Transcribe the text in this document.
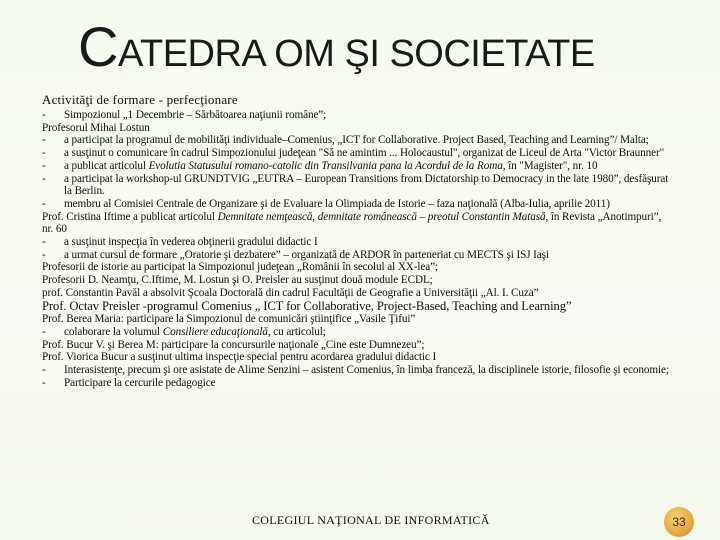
CATEDRA OM ŞI SOCIETATE
Activităţi de formare - perfecţionare
-	Simpozionul „1 Decembrie – Sărbătoarea naţiunii române”;
Profesorul Mihai Lostun
-	a participat la programul de mobilităţi individuale–Comenius, „ICT for Collaborative. Project Based, Teaching and Learning”/ Malta;
-	a susţinut o comunicare în cadrul Simpozionului judeţean "Să ne amintim ... Holocaustul", organizat de Liceul de Arta "Victor Braunner"
-	a publicat articolul Evolutia Statusului romano-catolic din Transilvania pana la Acordul de la Roma, în "Magister", nr. 10
-	a participat la workshop-ul GRUNDTVIG „EUTRA – European Transitions from Dictatorship to Democracy in the late 1980”, desfăşurat la Berlin.
-	membru al Comisiei Centrale de Organizare şi de Evaluare la Olimpiada de Istorie – faza naţională (Alba-Iulia, aprilie 2011)
Prof. Cristina Iftime a publicat articolul Demnitate nemţească, demnitate românească – preotul Constantin Matasă, în Revista „Anotimpuri”, nr. 60
-	a susţinut inspecţia în vederea obţinerii gradului didactic I
-	a urmat cursul de formare „Oratorie şi dezbatere” – organizată de ARDOR în parteneriat cu MECTS şi ISJ Iaşi
Profesorii de istorie au participat la Simpozionul judeţean „Românii în secolul al XX-lea”;
Profesorii D. Neamţu, C.Iftime, M. Lostun şi O. Preisler au susţinut două module ECDL;
prof. Constantin Pavăl a absolvit Şcoala Doctorală din cadrul Facultăţii de Geografie a Universităţii „Al. I. Cuza”
Prof. Octav Preisler -programul Comenius „ ICT for Collaborative, Project-Based, Teaching and Learning”
Prof. Berea Maria: participare la Simpozionul de comunicări ştiinţifice „Vasile Ţifui”
-	colaborare la volumul Consiliere educaţională, cu articolul;
Prof. Bucur V. şi Berea M: participare la concursurile naţionale „Cine este Dumnezeu”;
Prof. Viorica Bucur a susţinut ultima inspecţie special pentru acordarea gradului didactic I
-	Interasistenţe, precum şi ore asistate de Alime Senzini – asistent Comenius, în limba franceză, la disciplinele istorie, filosofie şi economie;
-	Participare la cercurile pedagogice
COLEGIUL NAŢIONAL DE INFORMATICĂ	33
